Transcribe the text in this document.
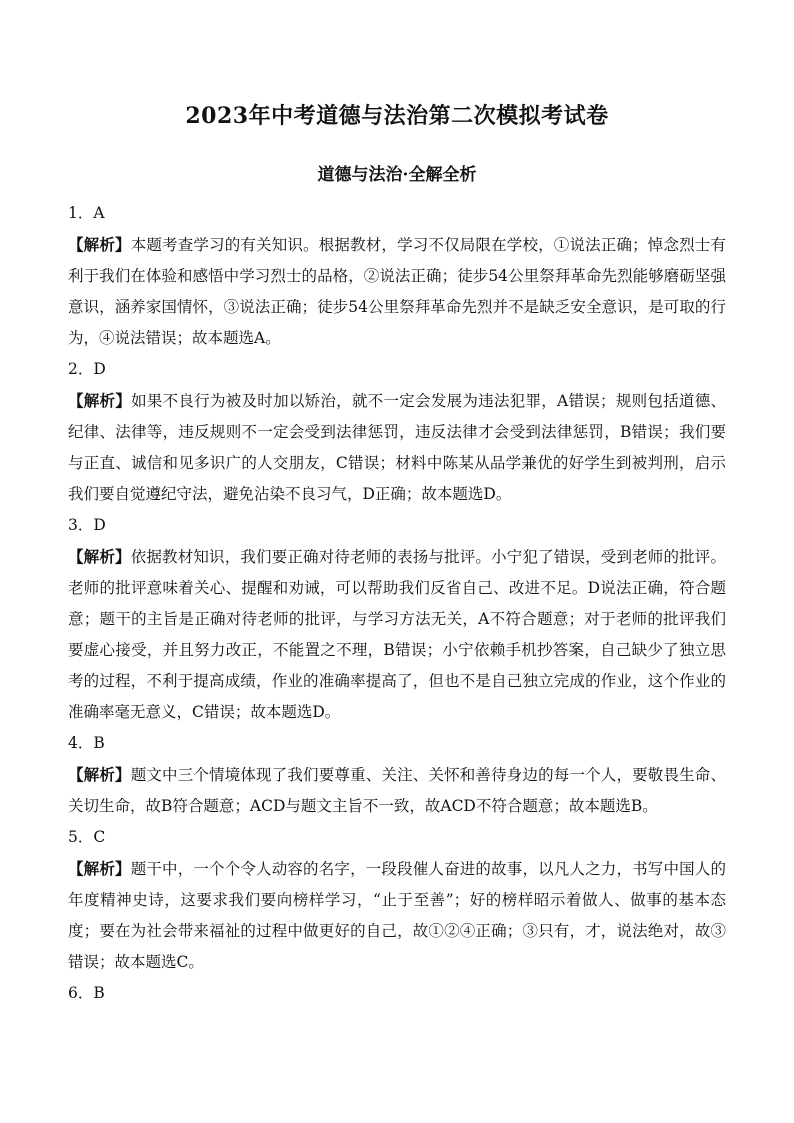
2023年中考道德与法治第二次模拟考试卷
道德与法治·全解全析

1．A

【解析】本题考查学习的有关知识。根据教材，学习不仅局限在学校，①说法正确；悼念烈士有利于我们在体验和感悟中学习烈士的品格，②说法正确；徒步54公里祭拜革命先烈能够磨砺坚强意识，涵养家国情怀，③说法正确；徒步54公里祭拜革命先烈并不是缺乏安全意识，是可取的行为，④说法错误；故本题选A。

2．D

【解析】如果不良行为被及时加以矫治，就不一定会发展为违法犯罪，A错误；规则包括道德、纪律、法律等，违反规则不一定会受到法律惩罚，违反法律才会受到法律惩罚，B错误；我们要与正直、诚信和见多识广的人交朋友，C错误；材料中陈某从品学兼优的好学生到被判刑，启示我们要自觉遵纪守法，避免沾染不良习气，D正确；故本题选D。

3．D

【解析】依据教材知识，我们要正确对待老师的表扬与批评。小宁犯了错误，受到老师的批评。老师的批评意味着关心、提醒和劝诫，可以帮助我们反省自己、改进不足。D说法正确，符合题意；题干的主旨是正确对待老师的批评，与学习方法无关，A不符合题意；对于老师的批评我们要虚心接受，并且努力改正，不能置之不理，B错误；小宁依赖手机抄答案，自己缺少了独立思考的过程，不利于提高成绩，作业的准确率提高了，但也不是自己独立完成的作业，这个作业的准确率毫无意义，C错误；故本题选D。

4．B

【解析】题文中三个情境体现了我们要尊重、关注、关怀和善待身边的每一个人，要敬畏生命、关切生命，故B符合题意；ACD与题文主旨不一致，故ACD不符合题意；故本题选B。

5．C

【解析】题干中，一个个令人动容的名字，一段段催人奋进的故事，以凡人之力，书写中国人的年度精神史诗，这要求我们要向榜样学习，“止于至善”；好的榜样昭示着做人、做事的基本态度；要在为社会带来福祉的过程中做更好的自己，故①②④正确；③只有，才，说法绝对，故③错误；故本题选C。

6．B
